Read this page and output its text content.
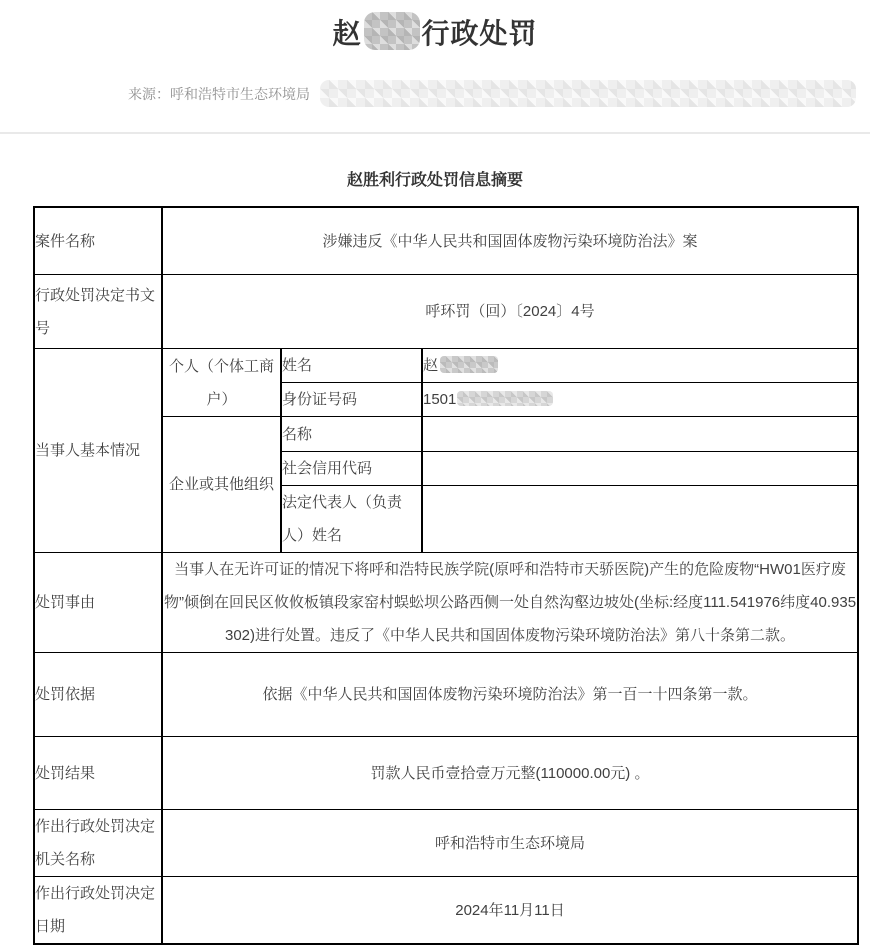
赵 行政处罚
来源：呼和浩特市生态环境局
赵胜利行政处罚信息摘要
案件名称	涉嫌违反《中华人民共和国固体废物污染环境防治法》案		
行政处罚决定书文号	呼环罚（回）〔2024〕4号		
当事人基本情况	个人（个体工商户）	姓名	赵
		身份证号码	1501
	企业或其他组织	名称	
		社会信用代码	
		法定代表人（负责人）姓名	
处罚事由	当事人在无许可证的情况下将呼和浩特民族学院(原呼和浩特市天骄医院)产生的危险废物“HW01医疗废物”倾倒在回民区攸攸板镇段家窑村蜈蚣坝公路西侧一处自然沟壑边坡处(坐标:经度111.541976纬度40.935302)进行处置。违反了《中华人民共和国固体废物污染环境防治法》第八十条第二款。		
处罚依据	依据《中华人民共和国固体废物污染环境防治法》第一百一十四条第一款。		
处罚结果	罚款人民币壹拾壹万元整(110000.00元) 。		
作出行政处罚决定机关名称	呼和浩特市生态环境局		
作出行政处罚决定日期	2024年11月11日		
